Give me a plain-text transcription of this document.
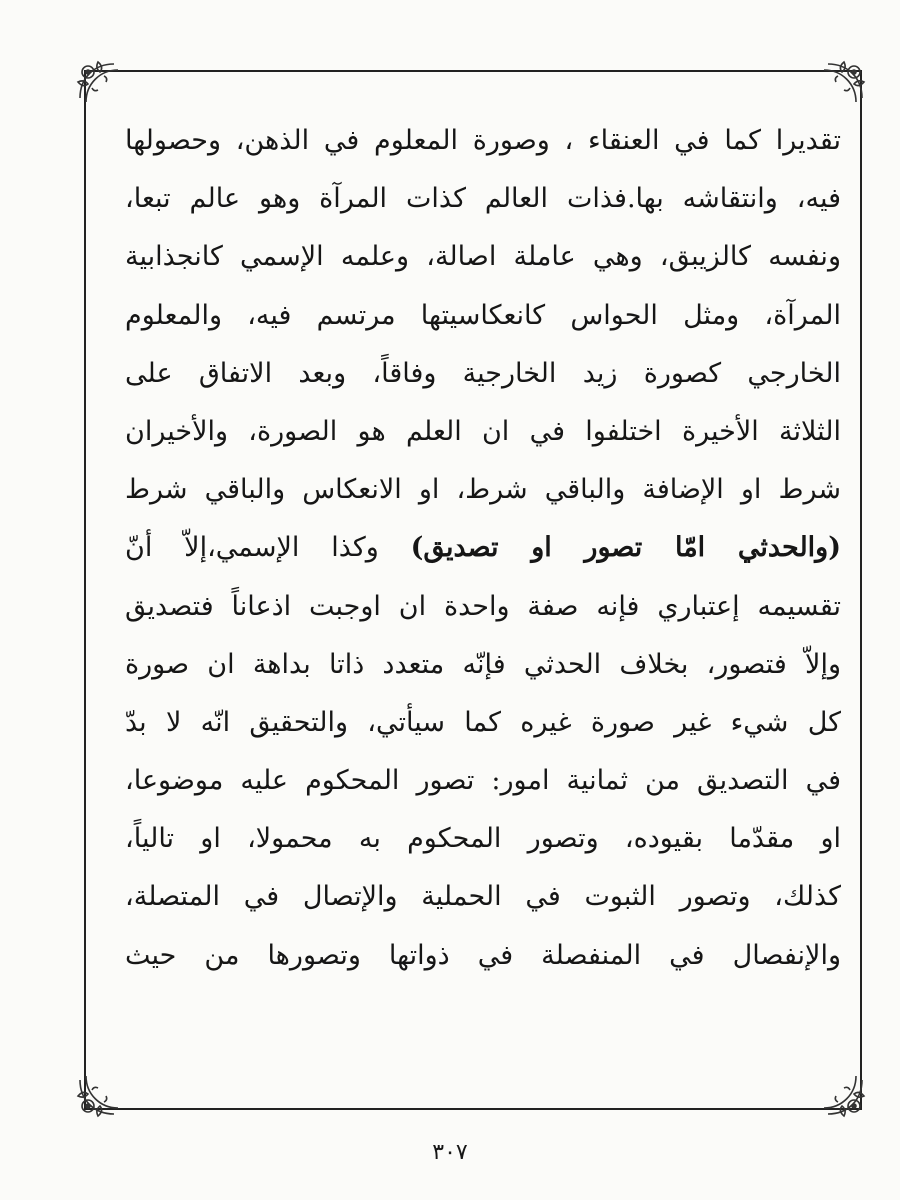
تقديرا كما في العنقاء ، وصورة المعلوم في الذهن، وحصولها
فيه، وانتقاشه بها.فذات العالم كذات المرآة وهو عالم تبعا،
ونفسه كالزيبق، وهي عاملة اصالة، وعلمه الإسمي كانجذابية
المرآة، ومثل الحواس كانعكاسيتها مرتسم فيه، والمعلوم
الخارجي كصورة زيد الخارجية وفاقاً، وبعد الاتفاق على
الثلاثة الأخيرة اختلفوا في ان العلم هو الصورة، والأخيران
شرط او الإضافة والباقي شرط، او الانعكاس والباقي شرط
(والحدثي امّا تصور او تصديق) وكذا الإسمي،إلاّ أنّ
تقسيمه إعتباري فإنه صفة واحدة ان اوجبت اذعاناً فتصديق
وإلاّ فتصور، بخلاف الحدثي فإنّه متعدد ذاتا بداهة ان صورة
كل شيء غير صورة غيره كما سيأتي، والتحقيق انّه لا بدّ
في التصديق من ثمانية امور: تصور المحكوم عليه موضوعا،
او مقدّما بقيوده، وتصور المحكوم به محمولا، او تالياً،
كذلك، وتصور الثبوت في الحملية والإتصال في المتصلة،
والإنفصال في المنفصلة في ذواتها وتصورها من حيث
٣٠٧
